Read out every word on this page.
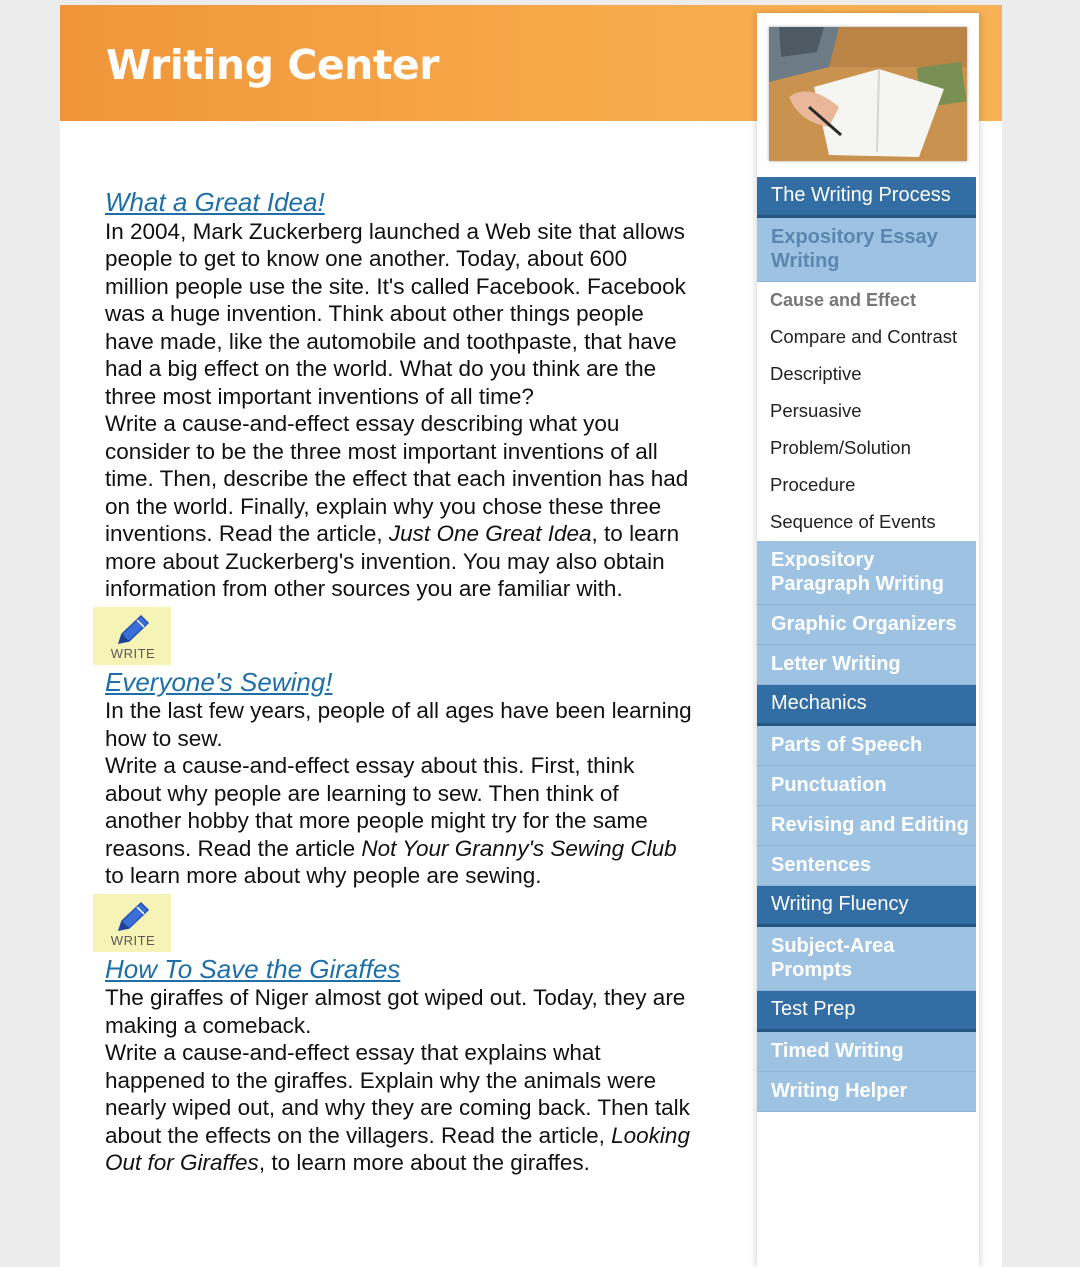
Writing Center
What a Great Idea!

In 2004, Mark Zuckerberg launched a Web site that allows people to get to know one another. Today, about 600 million people use the site. It's called Facebook. Facebook was a huge invention. Think about other things people have made, like the automobile and toothpaste, that have had a big effect on the world. What do you think are the three most important inventions of all time?

Write a cause-and-effect essay describing what you consider to be the three most important inventions of all time. Then, describe the effect that each invention has had on the world. Finally, explain why you chose these three inventions. Read the article, Just One Great Idea, to learn more about Zuckerberg's invention. You may also obtain information from other sources you are familiar with.

WRITE
Everyone's Sewing!

In the last few years, people of all ages have been learning how to sew.

Write a cause-and-effect essay about this. First, think about why people are learning to sew. Then think of another hobby that more people might try for the same reasons. Read the article Not Your Granny's Sewing Club to learn more about why people are sewing.

WRITE
How To Save the Giraffes

The giraffes of Niger almost got wiped out. Today, they are making a comeback.

Write a cause-and-effect essay that explains what happened to the giraffes. Explain why the animals were nearly wiped out, and why they are coming back. Then talk about the effects on the villagers. Read the article, Looking Out for Giraffes, to learn more about the giraffes.

The Writing Process
Expository Essay Writing
Cause and Effect
Compare and Contrast
Descriptive
Persuasive
Problem/Solution
Procedure
Sequence of Events
Expository Paragraph Writing
Graphic Organizers
Letter Writing
Mechanics
Parts of Speech
Punctuation
Revising and Editing
Sentences
Writing Fluency
Subject-Area Prompts
Test Prep
Timed Writing
Writing Helper
